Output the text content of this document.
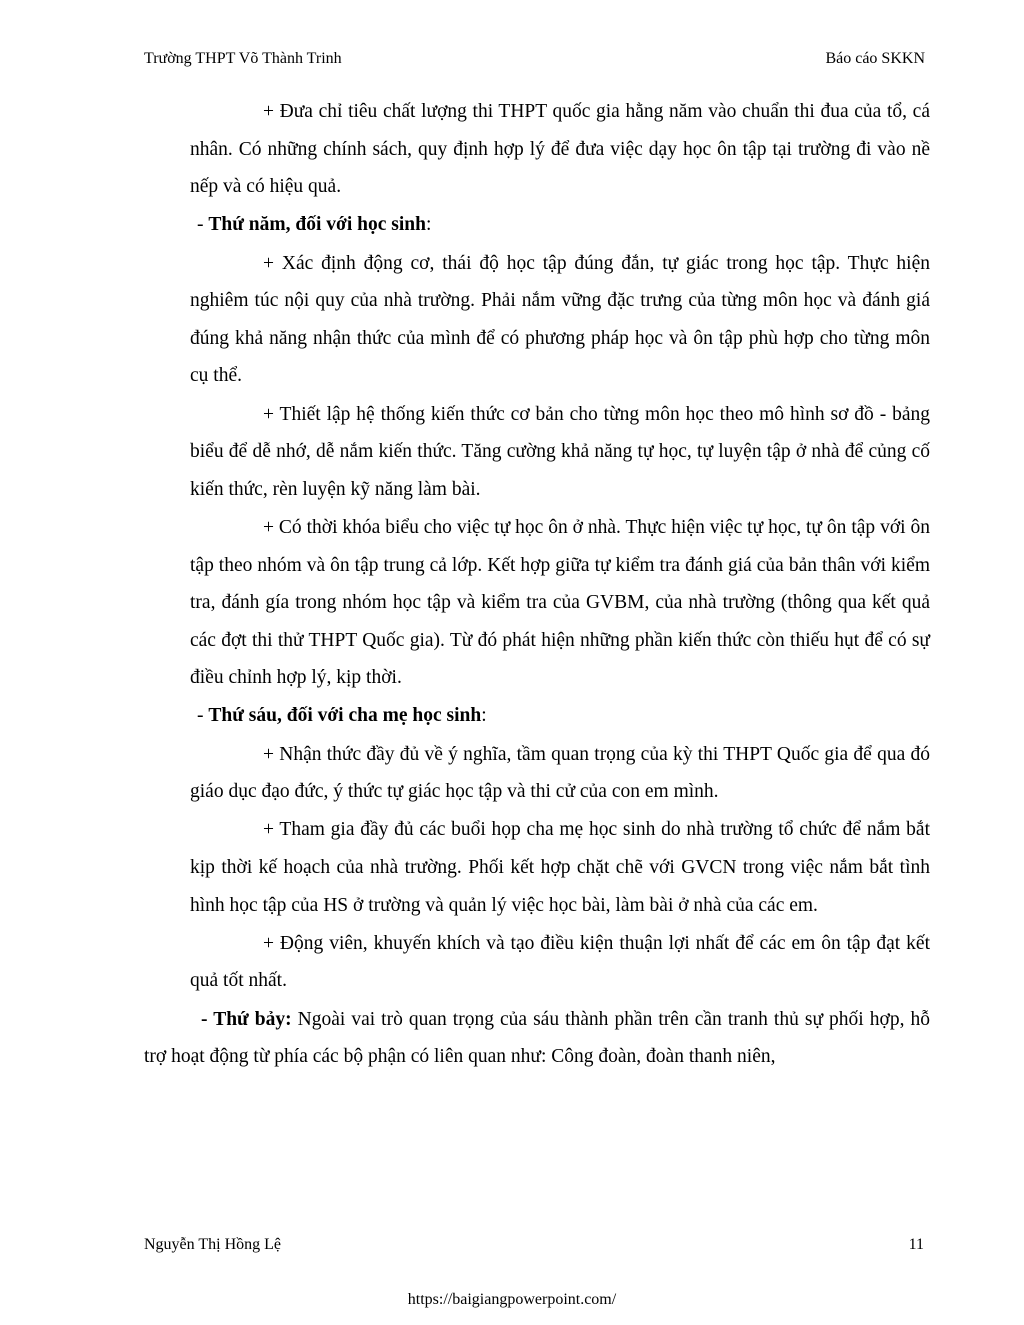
Trường THPT Võ Thành Trinh	Báo cáo SKKN

+ Đưa chỉ tiêu chất lượng thi THPT quốc gia hằng năm vào chuẩn thi đua của tổ, cá nhân. Có những chính sách, quy định hợp lý để đưa việc dạy học ôn tập tại trường đi vào nề nếp và có hiệu quả.

- Thứ năm, đối với học sinh:

+ Xác định động cơ, thái độ học tập đúng đắn, tự giác trong học tập. Thực hiện nghiêm túc nội quy của nhà trường. Phải nắm vững đặc trưng của từng môn học và đánh giá đúng khả năng nhận thức của mình để có phương pháp học và ôn tập phù hợp cho từng môn cụ thể.

+ Thiết lập hệ thống kiến thức cơ bản cho từng môn học theo mô hình sơ đồ - bảng biểu để dễ nhớ, dễ nắm kiến thức. Tăng cường khả năng tự học, tự luyện tập ở nhà để củng cố kiến thức, rèn luyện kỹ năng làm bài.

+ Có thời khóa biểu cho việc tự học ôn ở nhà. Thực hiện việc tự học, tự ôn tập với ôn tập theo nhóm và ôn tập trung cả lớp. Kết hợp giữa tự kiểm tra đánh giá của bản thân với kiểm tra, đánh gía trong nhóm học tập và kiểm tra của GVBM, của nhà trường (thông qua kết quả các đợt thi thử THPT Quốc gia). Từ đó phát hiện những phần kiến thức còn thiếu hụt để có sự điều chỉnh hợp lý, kịp thời.

- Thứ sáu, đối với cha mẹ học sinh:

+ Nhận thức đầy đủ về ý nghĩa, tầm quan trọng của kỳ thi THPT Quốc gia để qua đó giáo dục đạo đức, ý thức tự giác học tập và thi cử của con em mình.

+ Tham gia đầy đủ các buổi họp cha mẹ học sinh do nhà trường tổ chức để nắm bắt kịp thời kế hoạch của nhà trường. Phối kết hợp chặt chẽ với GVCN trong việc nắm bắt tình hình học tập của HS ở trường và quản lý việc học bài, làm bài ở nhà của các em.

+ Động viên, khuyến khích và tạo điều kiện thuận lợi nhất để các em ôn tập đạt kết quả tốt nhất.

- Thứ bảy: Ngoài vai trò quan trọng của sáu thành phần trên cần tranh thủ sự phối hợp, hỗ trợ hoạt động từ phía các bộ phận có liên quan như: Công đoàn, đoàn thanh niên,

Nguyễn Thị Hồng Lệ	11
https://baigiangpowerpoint.com/
